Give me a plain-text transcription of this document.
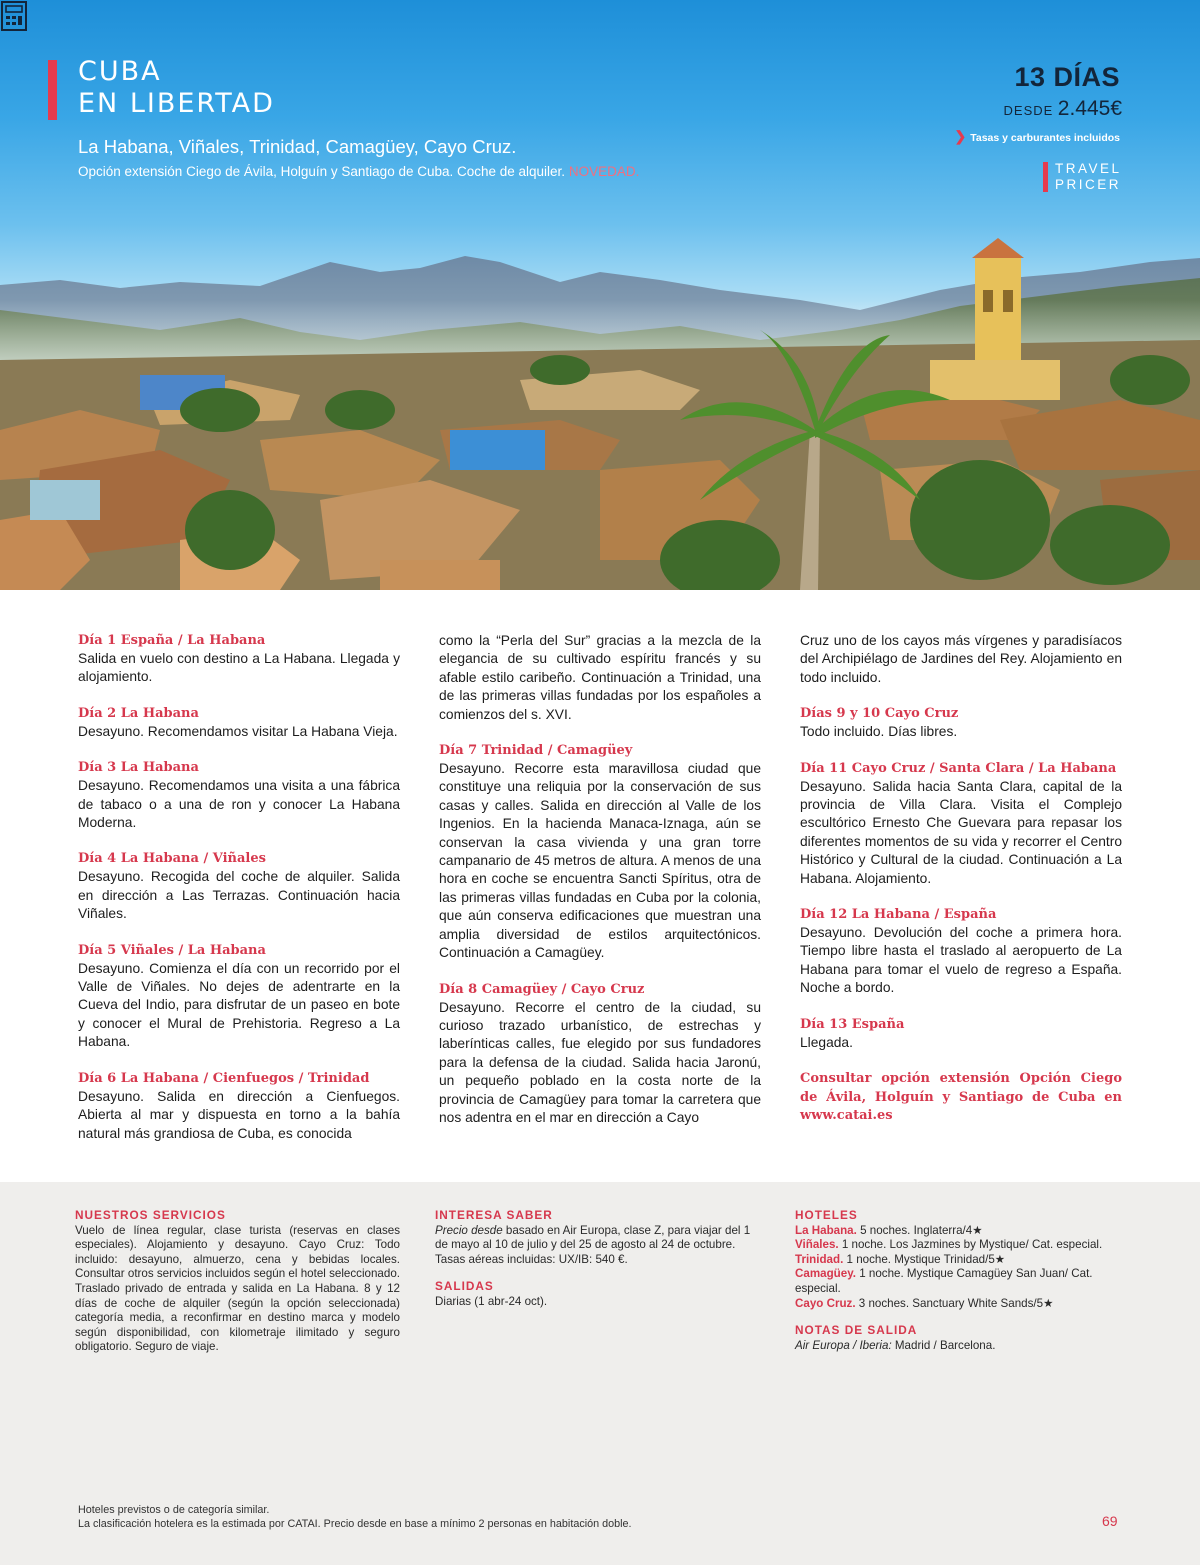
CUBA
EN LIBERTAD
La Habana, Viñales, Trinidad, Camagüey, Cayo Cruz.
Opción extensión Ciego de Ávila, Holguín y Santiago de Cuba. Coche de alquiler. NOVEDAD.
13 DÍAS
DESDE 2.445€
❯ Tasas y carburantes incluidos
TRAVEL
PRICER
Día 1 España / La Habana
Salida en vuelo con destino a La Habana. Llegada y alojamiento.
Día 2 La Habana
Desayuno. Recomendamos visitar La Habana Vieja.
Día 3 La Habana
Desayuno. Recomendamos una visita a una fábrica de tabaco o a una de ron y conocer La Habana Moderna.
Día 4 La Habana / Viñales
Desayuno. Recogida del coche de alquiler. Salida en dirección a Las Terrazas. Continuación hacia Viñales.
Día 5 Viñales / La Habana
Desayuno. Comienza el día con un recorrido por el Valle de Viñales. No dejes de adentrarte en la Cueva del Indio, para disfrutar de un paseo en bote y conocer el Mural de Prehistoria. Regreso a La Habana.
Día 6 La Habana / Cienfuegos / Trinidad
Desayuno. Salida en dirección a Cienfuegos. Abierta al mar y dispuesta en torno a la bahía natural más grandiosa de Cuba, es conocida
como la “Perla del Sur” gracias a la mezcla de la elegancia de su cultivado espíritu francés y su afable estilo caribeño. Continuación a Trinidad, una de las primeras villas fundadas por los españoles a comienzos del s. XVI.
Día 7 Trinidad / Camagüey
Desayuno. Recorre esta maravillosa ciudad que constituye una reliquia por la conservación de sus casas y calles. Salida en dirección al Valle de los Ingenios. En la hacienda Manaca-Iznaga, aún se conservan la casa vivienda y una gran torre campanario de 45 metros de altura. A menos de una hora en coche se encuentra Sancti Spíritus, otra de las primeras villas fundadas en Cuba por la colonia, que aún conserva edificaciones que muestran una amplia diversidad de estilos arquitectónicos. Continuación a Camagüey.
Día 8 Camagüey / Cayo Cruz
Desayuno. Recorre el centro de la ciudad, su curioso trazado urbanístico, de estrechas y laberínticas calles, fue elegido por sus fundadores para la defensa de la ciudad. Salida hacia Jaronú, un pequeño poblado en la costa norte de la provincia de Camagüey para tomar la carretera que nos adentra en el mar en dirección a Cayo
Cruz uno de los cayos más vírgenes y paradisíacos del Archipiélago de Jardines del Rey. Alojamiento en todo incluido.
Días 9 y 10 Cayo Cruz
Todo incluido. Días libres.
Día 11 Cayo Cruz / Santa Clara / La Habana
Desayuno. Salida hacia Santa Clara, capital de la provincia de Villa Clara. Visita el Complejo escultórico Ernesto Che Guevara para repasar los diferentes momentos de su vida y recorrer el Centro Histórico y Cultural de la ciudad. Continuación a La Habana. Alojamiento.
Día 12 La Habana / España
Desayuno. Devolución del coche a primera hora. Tiempo libre hasta el traslado al aeropuerto de La Habana para tomar el vuelo de regreso a España. Noche a bordo.
Día 13 España
Llegada.
Consultar opción extensión Opción Ciego de Ávila, Holguín y Santiago de Cuba en www.catai.es
NUESTROS SERVICIOS
Vuelo de línea regular, clase turista (reservas en clases especiales). Alojamiento y desayuno. Cayo Cruz: Todo incluido: desayuno, almuerzo, cena y bebidas locales. Consultar otros servicios incluidos según el hotel seleccionado. Traslado privado de entrada y salida en La Habana. 8 y 12 días de coche de alquiler (según la opción seleccionada) categoría media, a reconfirmar en destino marca y modelo según disponibilidad, con kilometraje ilimitado y seguro obligatorio. Seguro de viaje.
INTERESA SABER
Precio desde basado en Air Europa, clase Z, para viajar del 1 de mayo al 10 de julio y del 25 de agosto al 24 de octubre. Tasas aéreas incluidas: UX/IB: 540 €.
SALIDAS
Diarias (1 abr-24 oct).
HOTELES
La Habana. 5 noches. Inglaterra/4★
Viñales. 1 noche. Los Jazmines by Mystique/ Cat. especial.
Trinidad. 1 noche. Mystique Trinidad/5★
Camagüey. 1 noche. Mystique Camagüey San Juan/ Cat. especial.
Cayo Cruz. 3 noches. Sanctuary White Sands/5★
NOTAS DE SALIDA
Air Europa / Iberia: Madrid / Barcelona.
Hoteles previstos o de categoría similar.
La clasificación hotelera es la estimada por CATAI. Precio desde en base a mínimo 2 personas en habitación doble.	69
